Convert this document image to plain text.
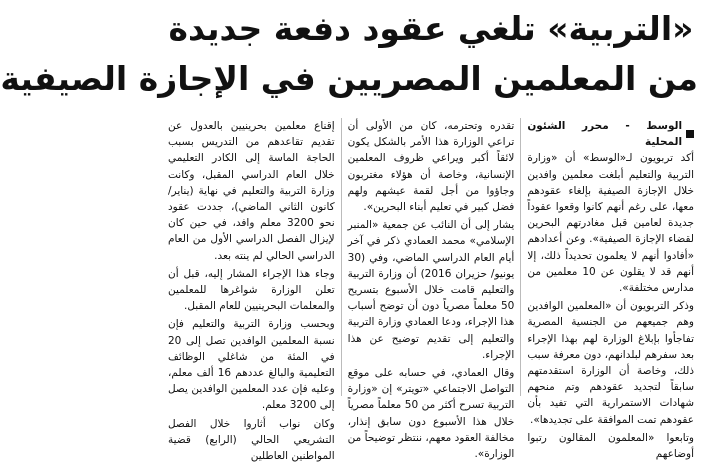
«التربية» تلغي عقود دفعة جديدة
من المعلمين المصريين في الإجازة الصيفية
الوسط - محرر الشئون المحلية

أكد تربويون لـ«الوسط» أن «وزارة التربية والتعليم أبلغت معلمين وافدين خلال الإجازة الصيفية بإلغاء عقودهم معها، على رغم أنهم كانوا وقعوا عقوداً جديدة لعامين قبل مغادرتهم البحرين لقضاء الإجازة الصيفية». وعن أعدادهم «أفادوا أنهم لا يعلمون تحديداً ذلك، إلا أنهم قد لا يقلون عن 10 معلمين من مدارس مختلفة».

وذكر التربويون أن «المعلمين الوافدين وهم جميعهم من الجنسية المصرية تفاجأوا بإبلاغ الوزارة لهم بهذا الإجراء بعد سفرهم لبلدانهم، دون معرفة سبب ذلك، وخاصة أن الوزارة استقدمتهم سابقاً لتجديد عقودهم وتم منحهم شهادات الاستمرارية التي تفيد بأن عقودهم تمت الموافقة على تجديدها».

وتابعوا «المعلمون المقالون رتبوا أوضاعهم

تقدره وتحترمه، كان من الأولى أن تراعي الوزارة هذا الأمر بالشكل يكون لائقاً أكبر ويراعي ظروف المعلمين الإنسانية، وخاصة أن هؤلاء مغتربون وجاؤوا من أجل لقمة عيشهم ولهم فضل كبير في تعليم أبناء البحرين».

يشار إلى أن النائب عن جمعية «المنبر الإسلامي» محمد العمادي ذكر في آخر أيام العام الدراسي الماضي، وفي (30 يونيو/ حزيران 2016) أن وزارة التربية والتعليم قامت خلال الأسبوع بتسريح 50 معلماً مصرياً دون أن توضح أسباب هذا الإجراء، ودعا العمادي وزارة التربية والتعليم إلى تقديم توضيح عن هذا الإجراء.

وقال العمادي، في حسابه على موقع التواصل الاجتماعي «تويتر» إن «وزارة التربية تسرح أكثر من 50 معلماً مصرياً خلال هذا الأسبوع دون سابق إنذار، مخالفة العقود معهم، ننتظر توضيحاً من الوزارة».

إقناع معلمين بحرينيين بالعدول عن تقديم تقاعدهم من التدريس بسبب الحاجة الماسة إلى الكادر التعليمي خلال العام الدراسي المقبل، وكانت وزارة التربية والتعليم في نهاية (يناير/ كانون الثاني الماضي)، جددت عقود نحو 3200 معلم وافد، في حين كان لإيزال الفصل الدراسي الأول من العام الدراسي الحالي لم ينته بعد.

وجاء هذا الإجراء المشار إليه، قبل أن تعلن الوزارة شواغرها للمعلمين والمعلمات البحرينيين للعام المقبل.

وبحسب وزارة التربية والتعليم فإن نسبة المعلمين الوافدين تصل إلى 20 في المئة من شاغلي الوظائف التعليمية والبالغ عددهم 16 ألف معلم، وعليه فإن عدد المعلمين الوافدين يصل إلى 3200 معلم.

وكان نواب أثاروا خلال الفصل التشريعي الحالي (الرابع) قضية المواطنين العاطلين
